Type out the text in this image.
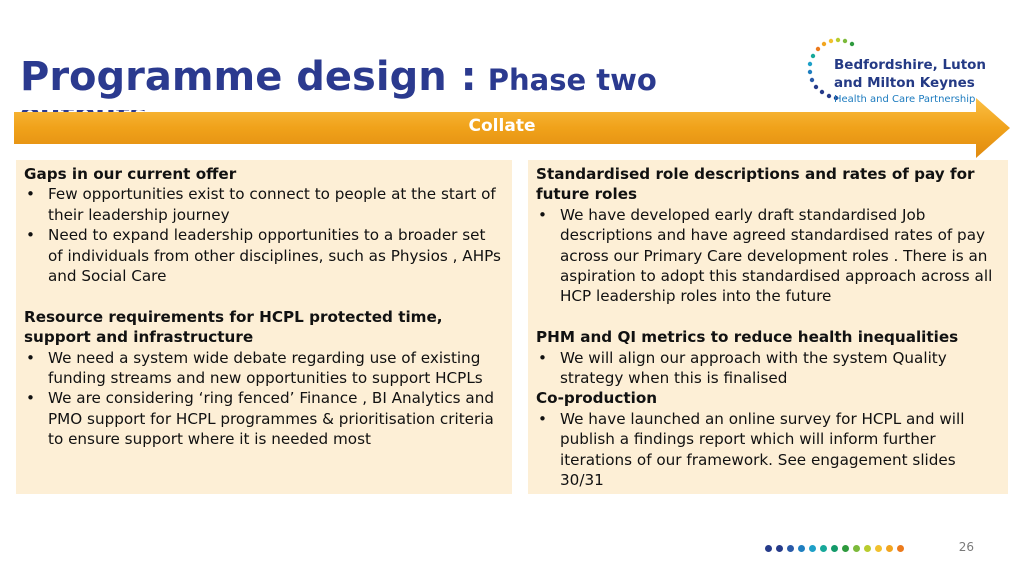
Programme design : Phase two
Collate
Bedfordshire, Luton
and Milton Keynes
Health and Care Partnership
Gaps in our current offer
• Few opportunities exist to connect to people at the start of their leadership journey
• Need to expand leadership opportunities to a broader set of individuals from other disciplines, such as Physios , AHPs and Social Care
Resource requirements for HCPL protected time, support and infrastructure
• We need a system wide debate regarding use of existing funding streams and new opportunities to support HCPLs
• We are considering ‘ring fenced’ Finance , BI Analytics and PMO support for HCPL programmes & prioritisation criteria to ensure support where it is needed most
Standardised role descriptions and rates of pay for future roles
• We have developed early draft standardised Job descriptions and have agreed standardised rates of pay across our Primary Care development roles . There is an aspiration to adopt this standardised approach across all HCP leadership roles into the future
PHM and QI metrics to reduce health inequalities
• We will align our approach with the system Quality strategy when this is finalised
Co-production
• We have launched an online survey for HCPL and will publish a findings report which will inform further iterations of our framework. See engagement slides 30/31
26
